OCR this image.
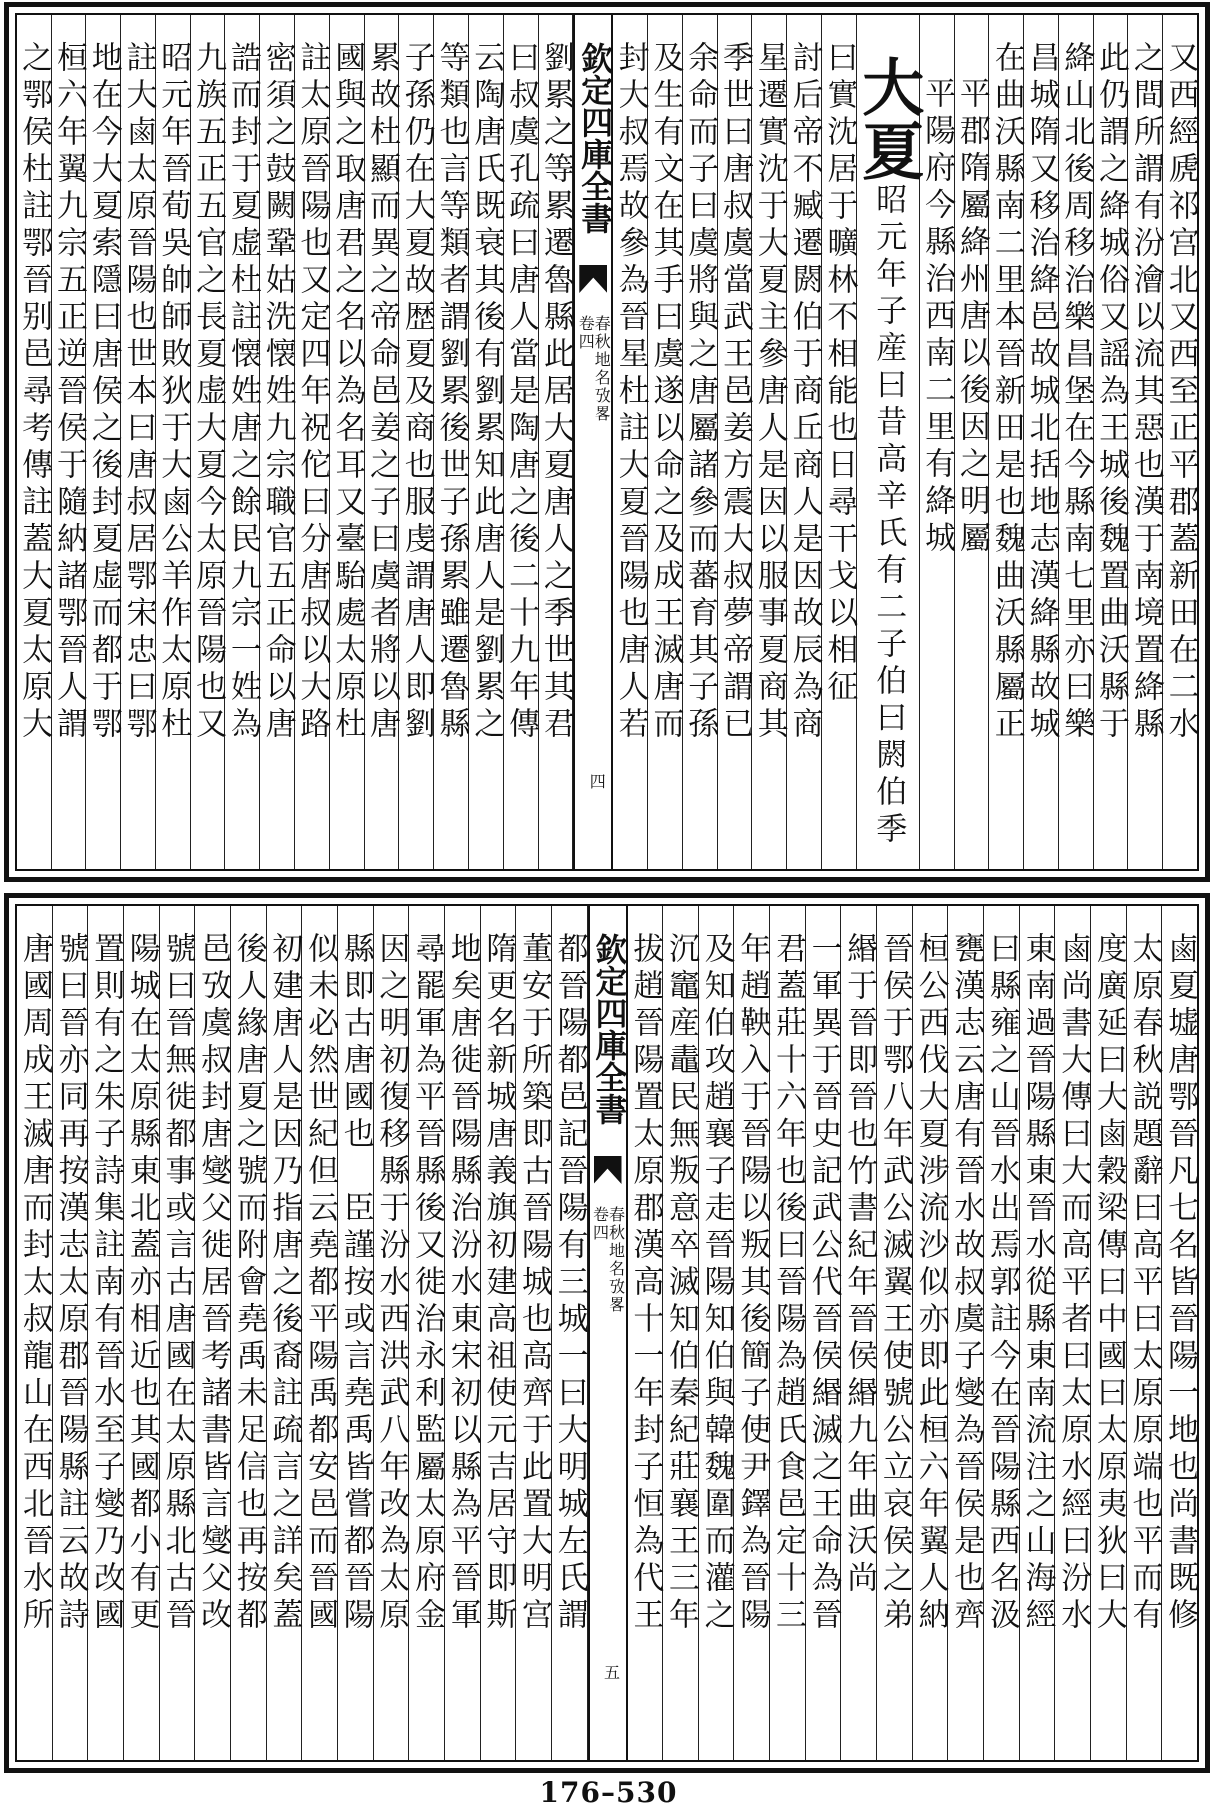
又西經虒祁宫北又西至正平郡蓋新田在二水
之間所謂有汾澮以流其惡也漢于南境置絳縣
此仍謂之絳城俗又謡為王城後魏置曲沃縣于
絳山北後周移治樂昌堡在今縣南七里亦曰樂
昌城隋又移治絳邑故城北括地志漢絳縣故城
在曲沃縣南二里本晉新田是也魏曲沃縣屬正
平郡隋屬絳州唐以後因之明屬
平陽府今縣治西南二里有絳城
大夏
昭元年子産曰昔高辛氏有二子伯曰閼伯季
曰實沈居于曠林不相能也日尋干戈以相征
討后帝不臧遷閼伯于商丘商人是因故辰為商
星遷實沈于大夏主參唐人是因以服事夏商其
季世曰唐叔虞當武王邑姜方震大叔夢帝謂已
余命而子曰虞將與之唐屬諸參而蕃育其子孫
及生有文在其手曰虞遂以命之及成王滅唐而
封大叔焉故參為晉星杜註大夏晉陽也唐人若
欽定四庫全書
春秋地名攷畧
卷四
四
劉累之等累遷魯縣此居大夏唐人之季世其君
曰叔虞孔疏曰唐人當是陶唐之後二十九年傳
云陶唐氏既衰其後有劉累知此唐人是劉累之
等類也言等類者謂劉累後世子孫累雖遷魯縣
子孫仍在大夏故歴夏及商也服虔謂唐人即劉
累故杜顯而異之帝命邑姜之子曰虞者將以唐
國與之取唐君之名以為名耳又臺駘處太原杜
註太原晉陽也又定四年祝佗曰分唐叔以大路
密須之鼓闕鞏姑洗懐姓九宗職官五正命以唐
誥而封于夏虚杜註懐姓唐之餘民九宗一姓為
九族五正五官之長夏虚大夏今太原晉陽也又
昭元年晉荀吳帥師敗狄于大鹵公羊作太原杜
註大鹵太原晉陽也世本曰唐叔居鄂宋忠曰鄂
地在今大夏索隱曰唐侯之後封夏虚而都于鄂
桓六年翼九宗五正逆晉侯于隨納諸鄂晉人謂
之鄂侯杜註鄂晉别邑尋考傳註蓋大夏太原大
鹵夏墟唐鄂晉凡七名皆晉陽一地也尚書既修
太原春秋説題辭曰高平曰太原原端也平而有
度廣延曰大鹵穀梁傳曰中國曰太原夷狄曰大
鹵尚書大傳曰大而高平者曰太原水經曰汾水
東南過晉陽縣東晉水從縣東南流注之山海經
曰縣雍之山晉水出焉郭註今在晉陽縣西名汲
甕漢志云唐有晉水故叔虞子燮為晉侯是也齊
桓公西伐大夏涉流沙似亦即此桓六年翼人納
晉侯于鄂八年武公滅翼王使號公立哀侯之弟
緡于晉即晉也竹書紀年晉侯緡九年曲沃尚
一軍異于晉史記武公代晉侯緡滅之王命為晉
君蓋莊十六年也後曰晉陽為趙氏食邑定十三
年趙鞅入于晉陽以叛其後簡子使尹鐸為晉陽
及知伯攻趙襄子走晉陽知伯與韓魏圍而灌之
沉竈産鼃民無叛意卒滅知伯秦紀莊襄王三年
拔趙晉陽置太原郡漢高十一年封子恒為代王
欽定四庫全書
春秋地名攷畧
卷四
五
都晉陽都邑記晉陽有三城一曰大明城左氏謂
董安于所築即古晉陽城也高齊于此置大明宫
隋更名新城唐義旗初建高祖使元吉居守即斯
地矣唐徙晉陽縣治汾水東宋初以縣為平晉軍
尋罷軍為平晉縣後又徙治永利監屬太原府金
因之明初復移縣于汾水西洪武八年改為太原
縣即古唐國也　臣謹按或言堯禹皆嘗都晉陽
似未必然世紀但云堯都平陽禹都安邑而晉國
初建唐人是因乃指唐之後裔註疏言之詳矣蓋
後人緣唐夏之號而附會堯禹未足信也再按都
邑攷虞叔封唐燮父徙居晉考諸書皆言燮父改
號曰晉無徙都事或言古唐國在太原縣北古晉
陽城在太原縣東北蓋亦相近也其國都小有更
置則有之朱子詩集註南有晉水至子燮乃改國
號曰晉亦同再按漢志太原郡晉陽縣註云故詩
唐國周成王滅唐而封太叔龍山在西北晉水所
176–530
